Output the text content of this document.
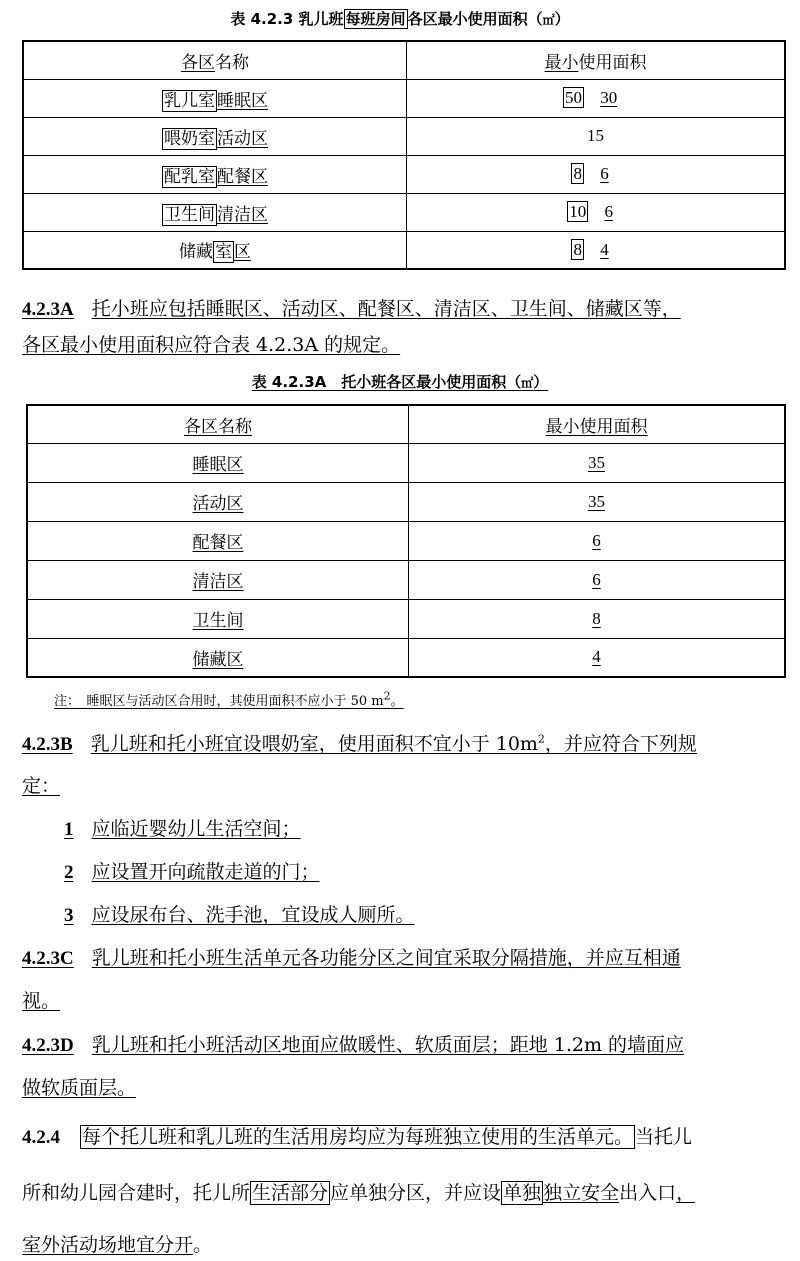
表 4.2.3 乳儿班 每班房间 各区最小使用面积（㎡）
各区名称	最小使用面积
乳儿室 睡眠区	50 30
喂奶室 活动区	15
配乳室 配餐区	8 6
卫生间 清洁区	10 6
储藏 室 区	8 4
4.2.3A 托小班应包括睡眠区、活动区、配餐区、清洁区、卫生间、储藏区等，
各区最小使用面积应符合表 4.2.3A 的规定。
表 4.2.3A　托小班各区最小使用面积（㎡）
各区名称	最小使用面积
睡眠区	35
活动区	35
配餐区	6
清洁区	6
卫生间	8
储藏区	4
注：　睡眠区与活动区合用时，其使用面积不应小于 50 $m^2$。
4.2.3B 乳儿班和托小班宜设喂奶室，使用面积不宜小于 $10m^2$，并应符合下列规
定：
1 应临近婴幼儿生活空间；
2 应设置开向疏散走道的门；
3 应设尿布台、洗手池，宜设成人厕所。
4.2.3C 乳儿班和托小班生活单元各功能分区之间宜采取分隔措施，并应互相通
视。
4.2.3D 乳儿班和托小班活动区地面应做暖性、软质面层；距地 1.2m 的墙面应
做软质面层。
4.2.4 每个托儿班和乳儿班的生活用房均应为每班独立使用的生活单元。 当托儿
所和幼儿园合建时，托儿所 生活部分 应单独分区，并应设 单独 独立安全出入口，
室外活动场地宜分开。
